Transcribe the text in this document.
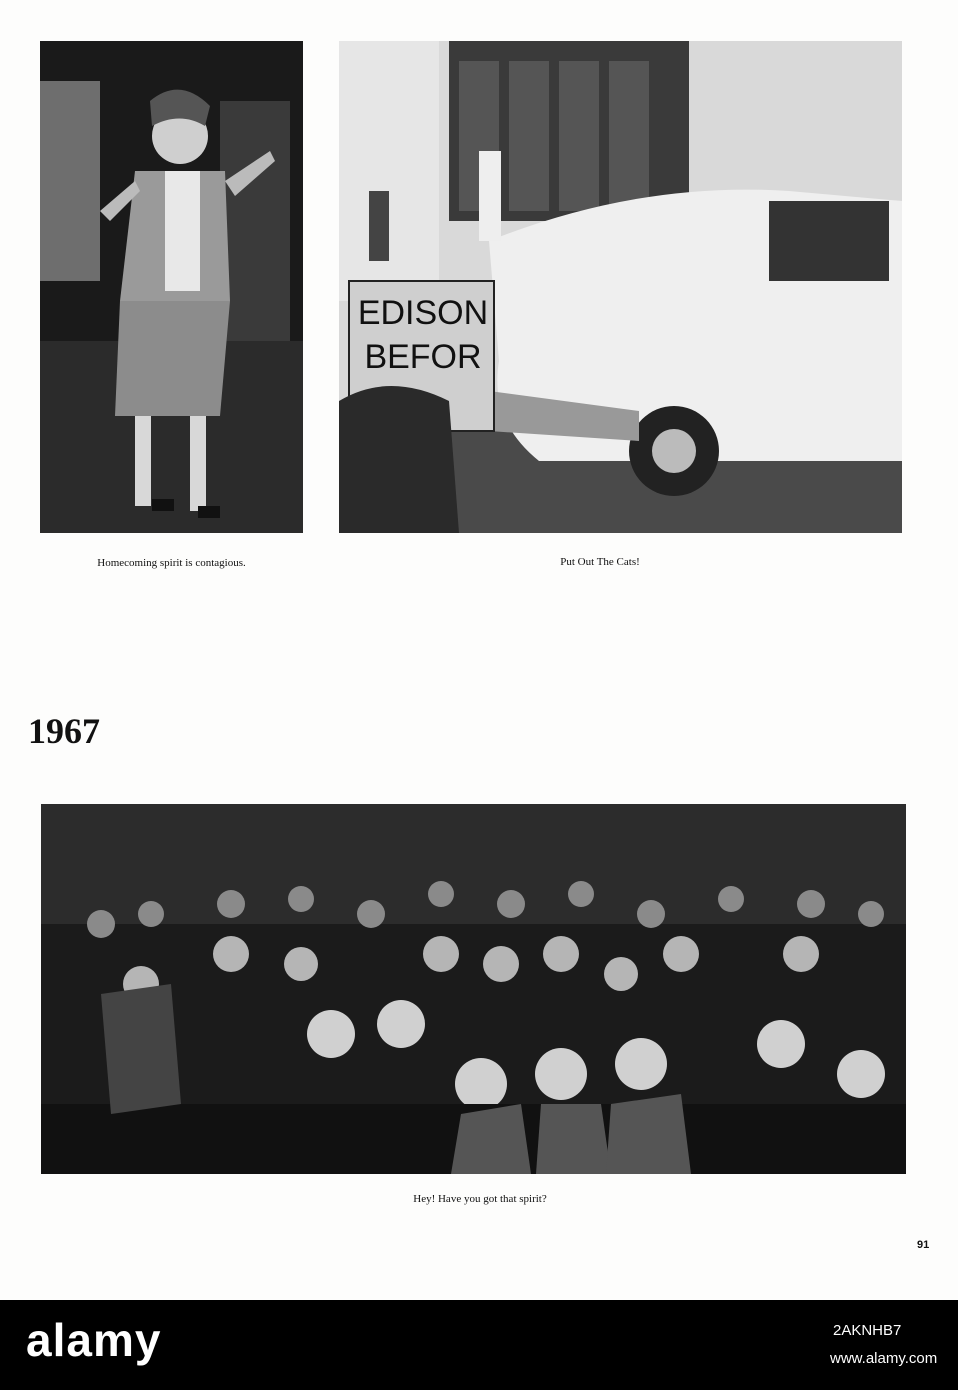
EDISON
BEFOR
Homecoming spirit is contagious.	Put Out The Cats!
1967
Hey! Have you got that spirit?
91
alamy	2AKNHB7
www.alamy.com
